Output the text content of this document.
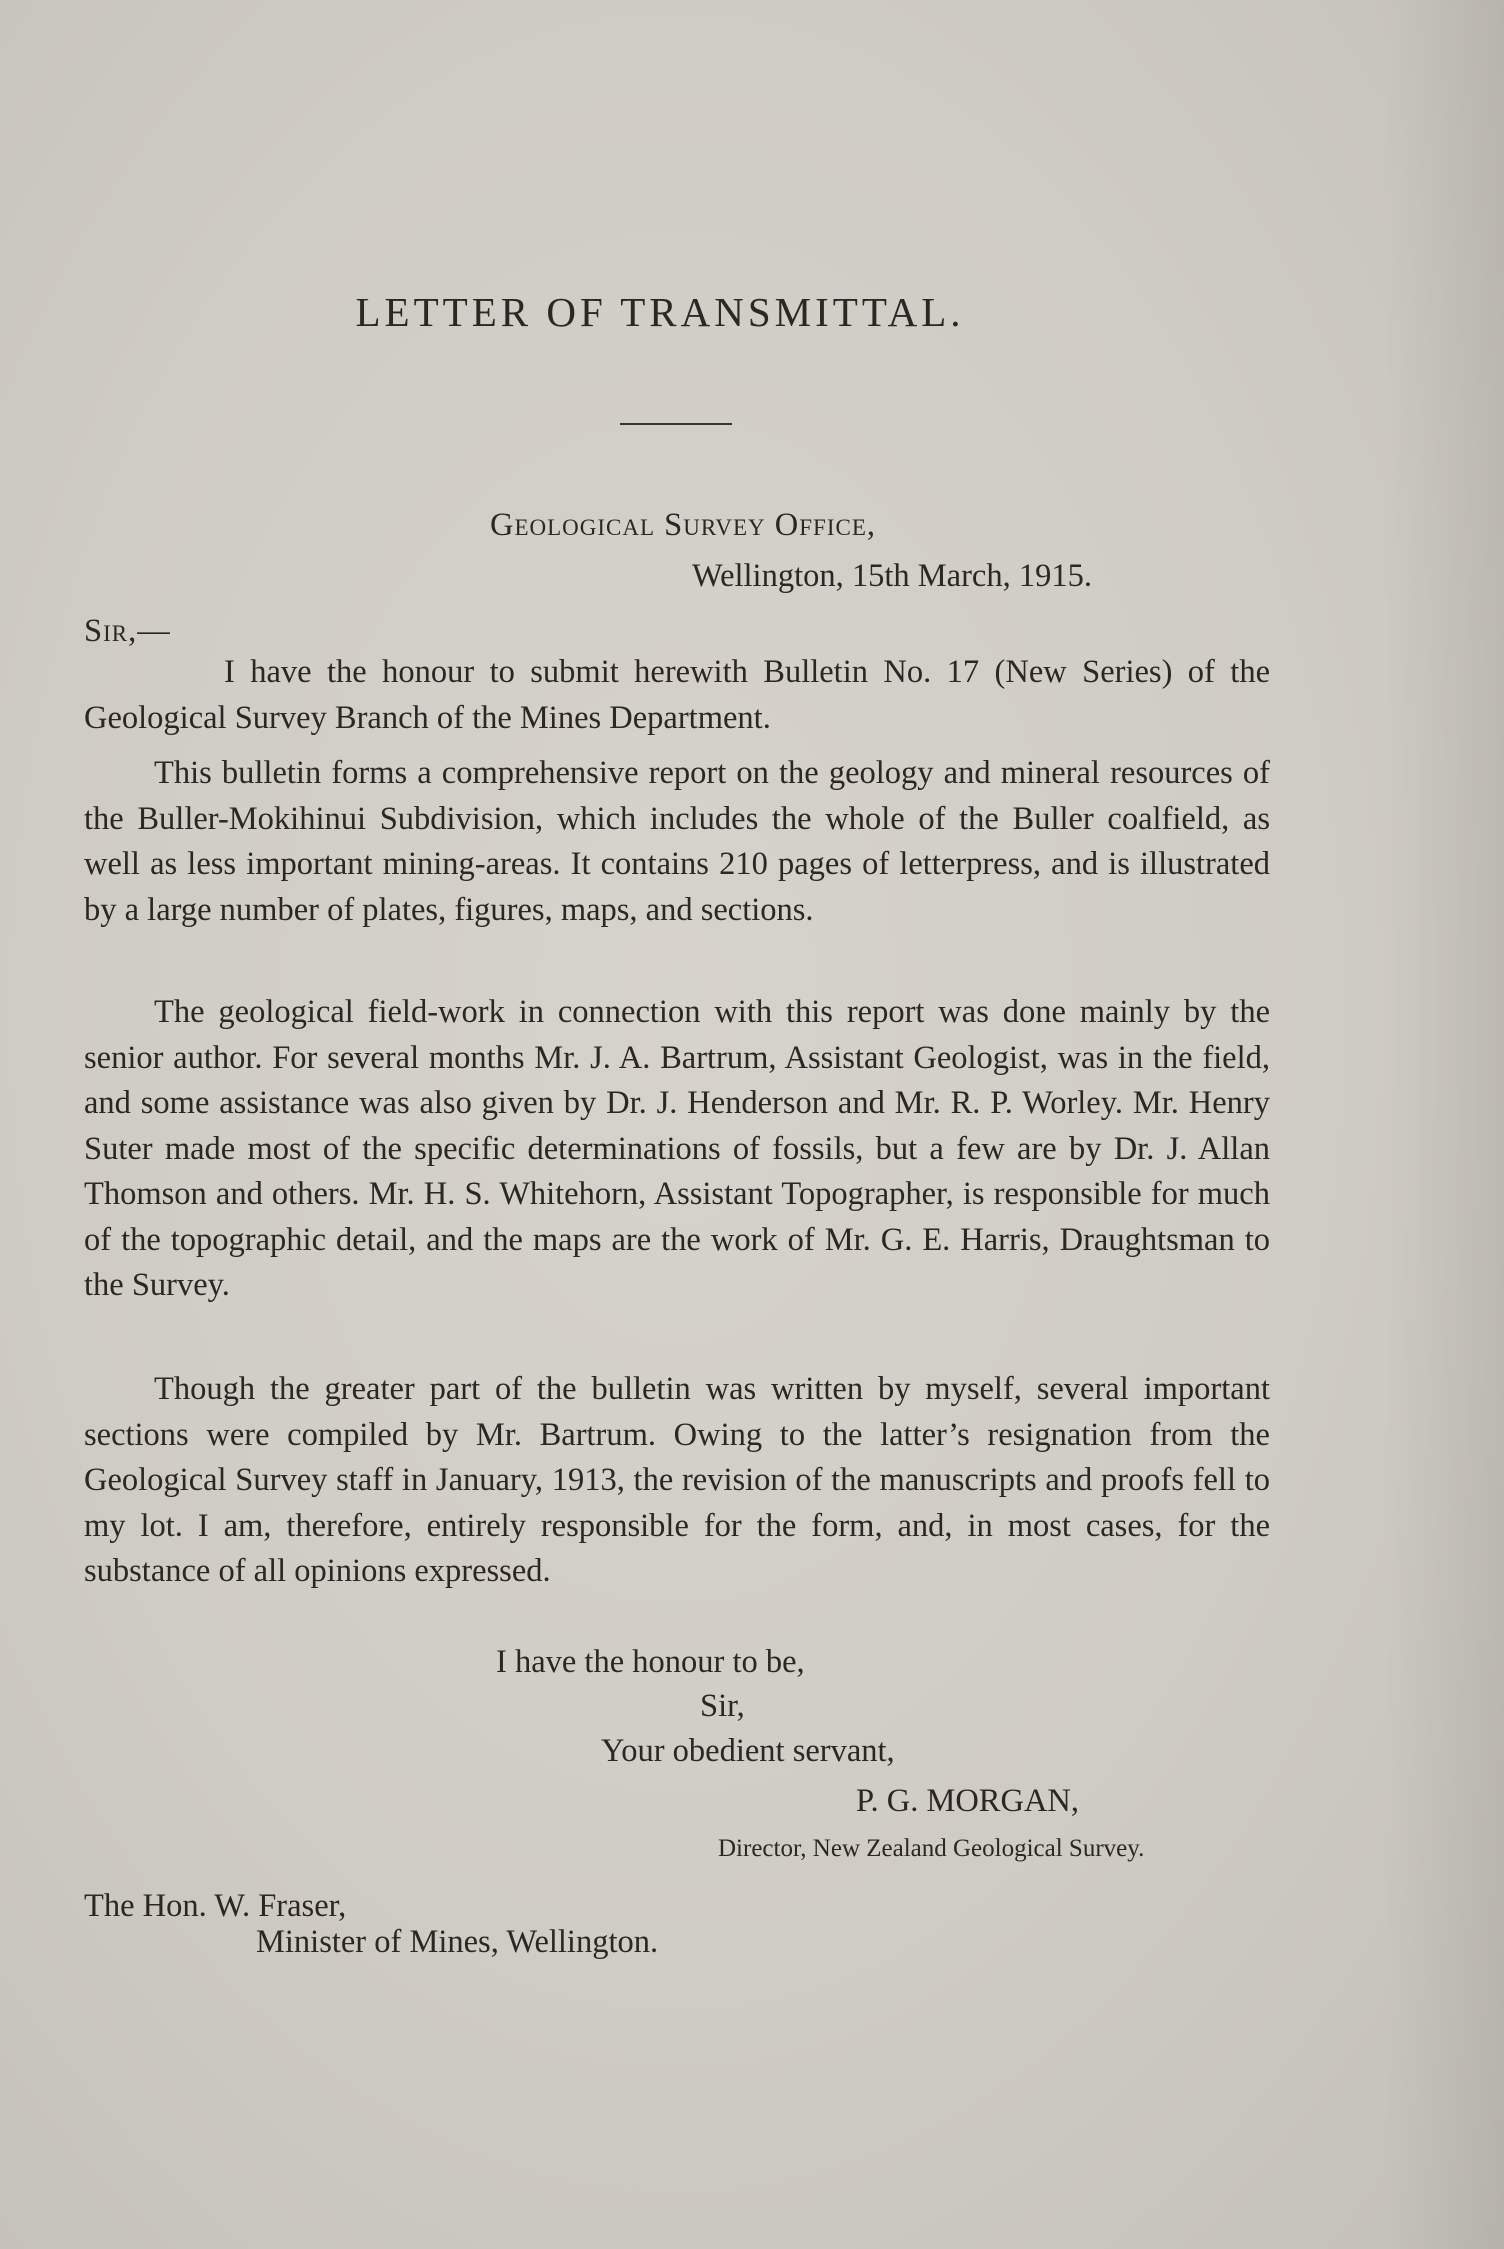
LETTER OF TRANSMITTAL.
Geological Survey Office,
Wellington, 15th March, 1915.
Sir,—

I have the honour to submit herewith Bulletin No. 17 (New Series) of the Geological Survey Branch of the Mines Department.

This bulletin forms a comprehensive report on the geology and mineral resources of the Buller-Mokihinui Subdivision, which includes the whole of the Buller coalfield, as well as less important mining-areas. It contains 210 pages of letterpress, and is illustrated by a large number of plates, figures, maps, and sections.

The geological field-work in connection with this report was done mainly by the senior author. For several months Mr. J. A. Bartrum, Assistant Geologist, was in the field, and some assistance was also given by Dr. J. Henderson and Mr. R. P. Worley. Mr. Henry Suter made most of the specific determinations of fossils, but a few are by Dr. J. Allan Thomson and others. Mr. H. S. Whitehorn, Assistant Topographer, is responsible for much of the topographic detail, and the maps are the work of Mr. G. E. Harris, Draughtsman to the Survey.

Though the greater part of the bulletin was written by myself, several important sections were compiled by Mr. Bartrum. Owing to the latter’s resignation from the Geological Survey staff in January, 1913, the revision of the manuscripts and proofs fell to my lot. I am, therefore, entirely responsible for the form, and, in most cases, for the substance of all opinions expressed.

I have the honour to be,
Sir,
Your obedient servant,
P. G. MORGAN,
Director, New Zealand Geological Survey.
The Hon. W. Fraser,
Minister of Mines, Wellington.
